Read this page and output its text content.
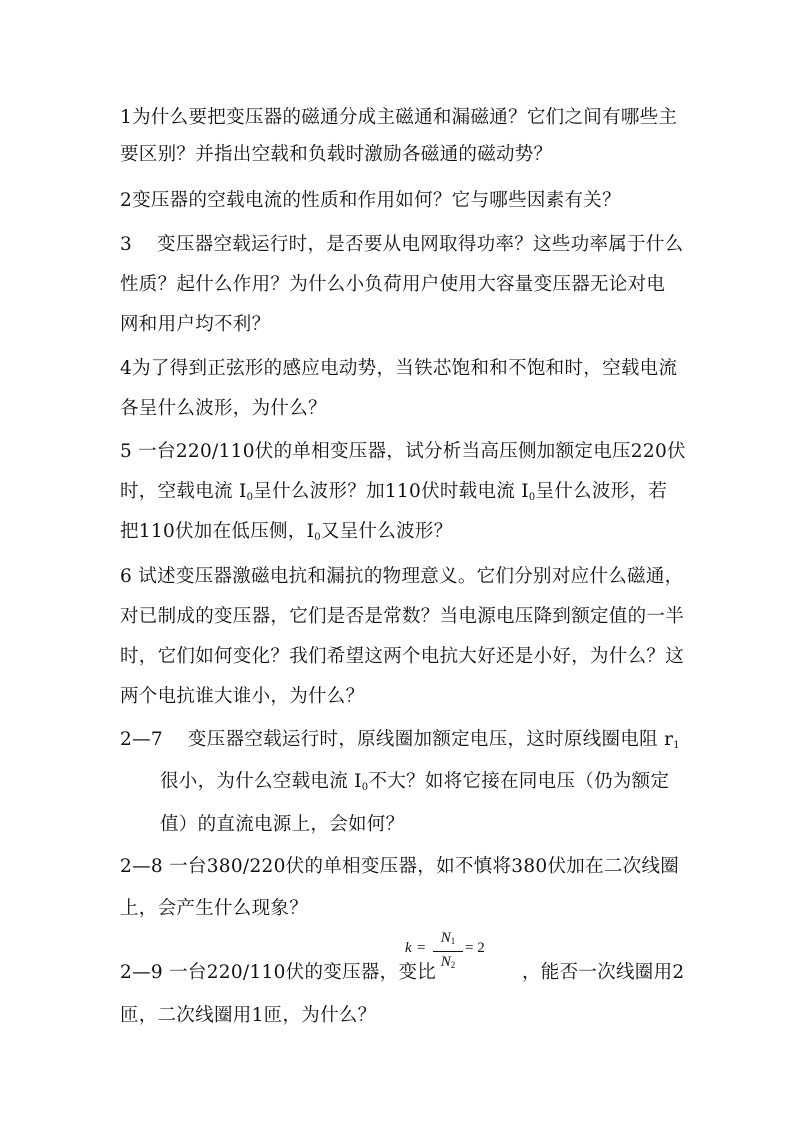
1为什么要把变压器的磁通分成主磁通和漏磁通？它们之间有哪些主
要区别？并指出空载和负载时激励各磁通的磁动势？
2变压器的空载电流的性质和作用如何？它与哪些因素有关？
3　 变压器空载运行时，是否要从电网取得功率？这些功率属于什么
性质？起什么作用？为什么小负荷用户使用大容量变压器无论对电
网和用户均不利？
4为了得到正弦形的感应电动势，当铁芯饱和和不饱和时，空载电流
各呈什么波形，为什么？
5 一台220/110伏的单相变压器，试分析当高压侧加额定电压220伏
时，空载电流 $I_0$呈什么波形？加110伏时载电流 $I_0$呈什么波形，若
把110伏加在低压侧，$I_0$又呈什么波形？
6 试述变压器激磁电抗和漏抗的物理意义。它们分别对应什么磁通，
对已制成的变压器，它们是否是常数？当电源电压降到额定值的一半
时，它们如何变化？我们希望这两个电抗大好还是小好，为什么？这
两个电抗谁大谁小，为什么？
2—7　 变压器空载运行时，原线圈加额定电压，这时原线圈电阻 $r_1$
很小，为什么空载电流 $I_0$不大？如将它接在同电压（仍为额定
值）的直流电源上，会如何？
2—8 一台380/220伏的单相变压器，如不慎将380伏加在二次线圈
上，会产生什么现象？
2—9 一台220/110伏的变压器，变比
k =
N1
N2
= 2
，能否一次线圈用2
匝，二次线圈用1匝，为什么？
